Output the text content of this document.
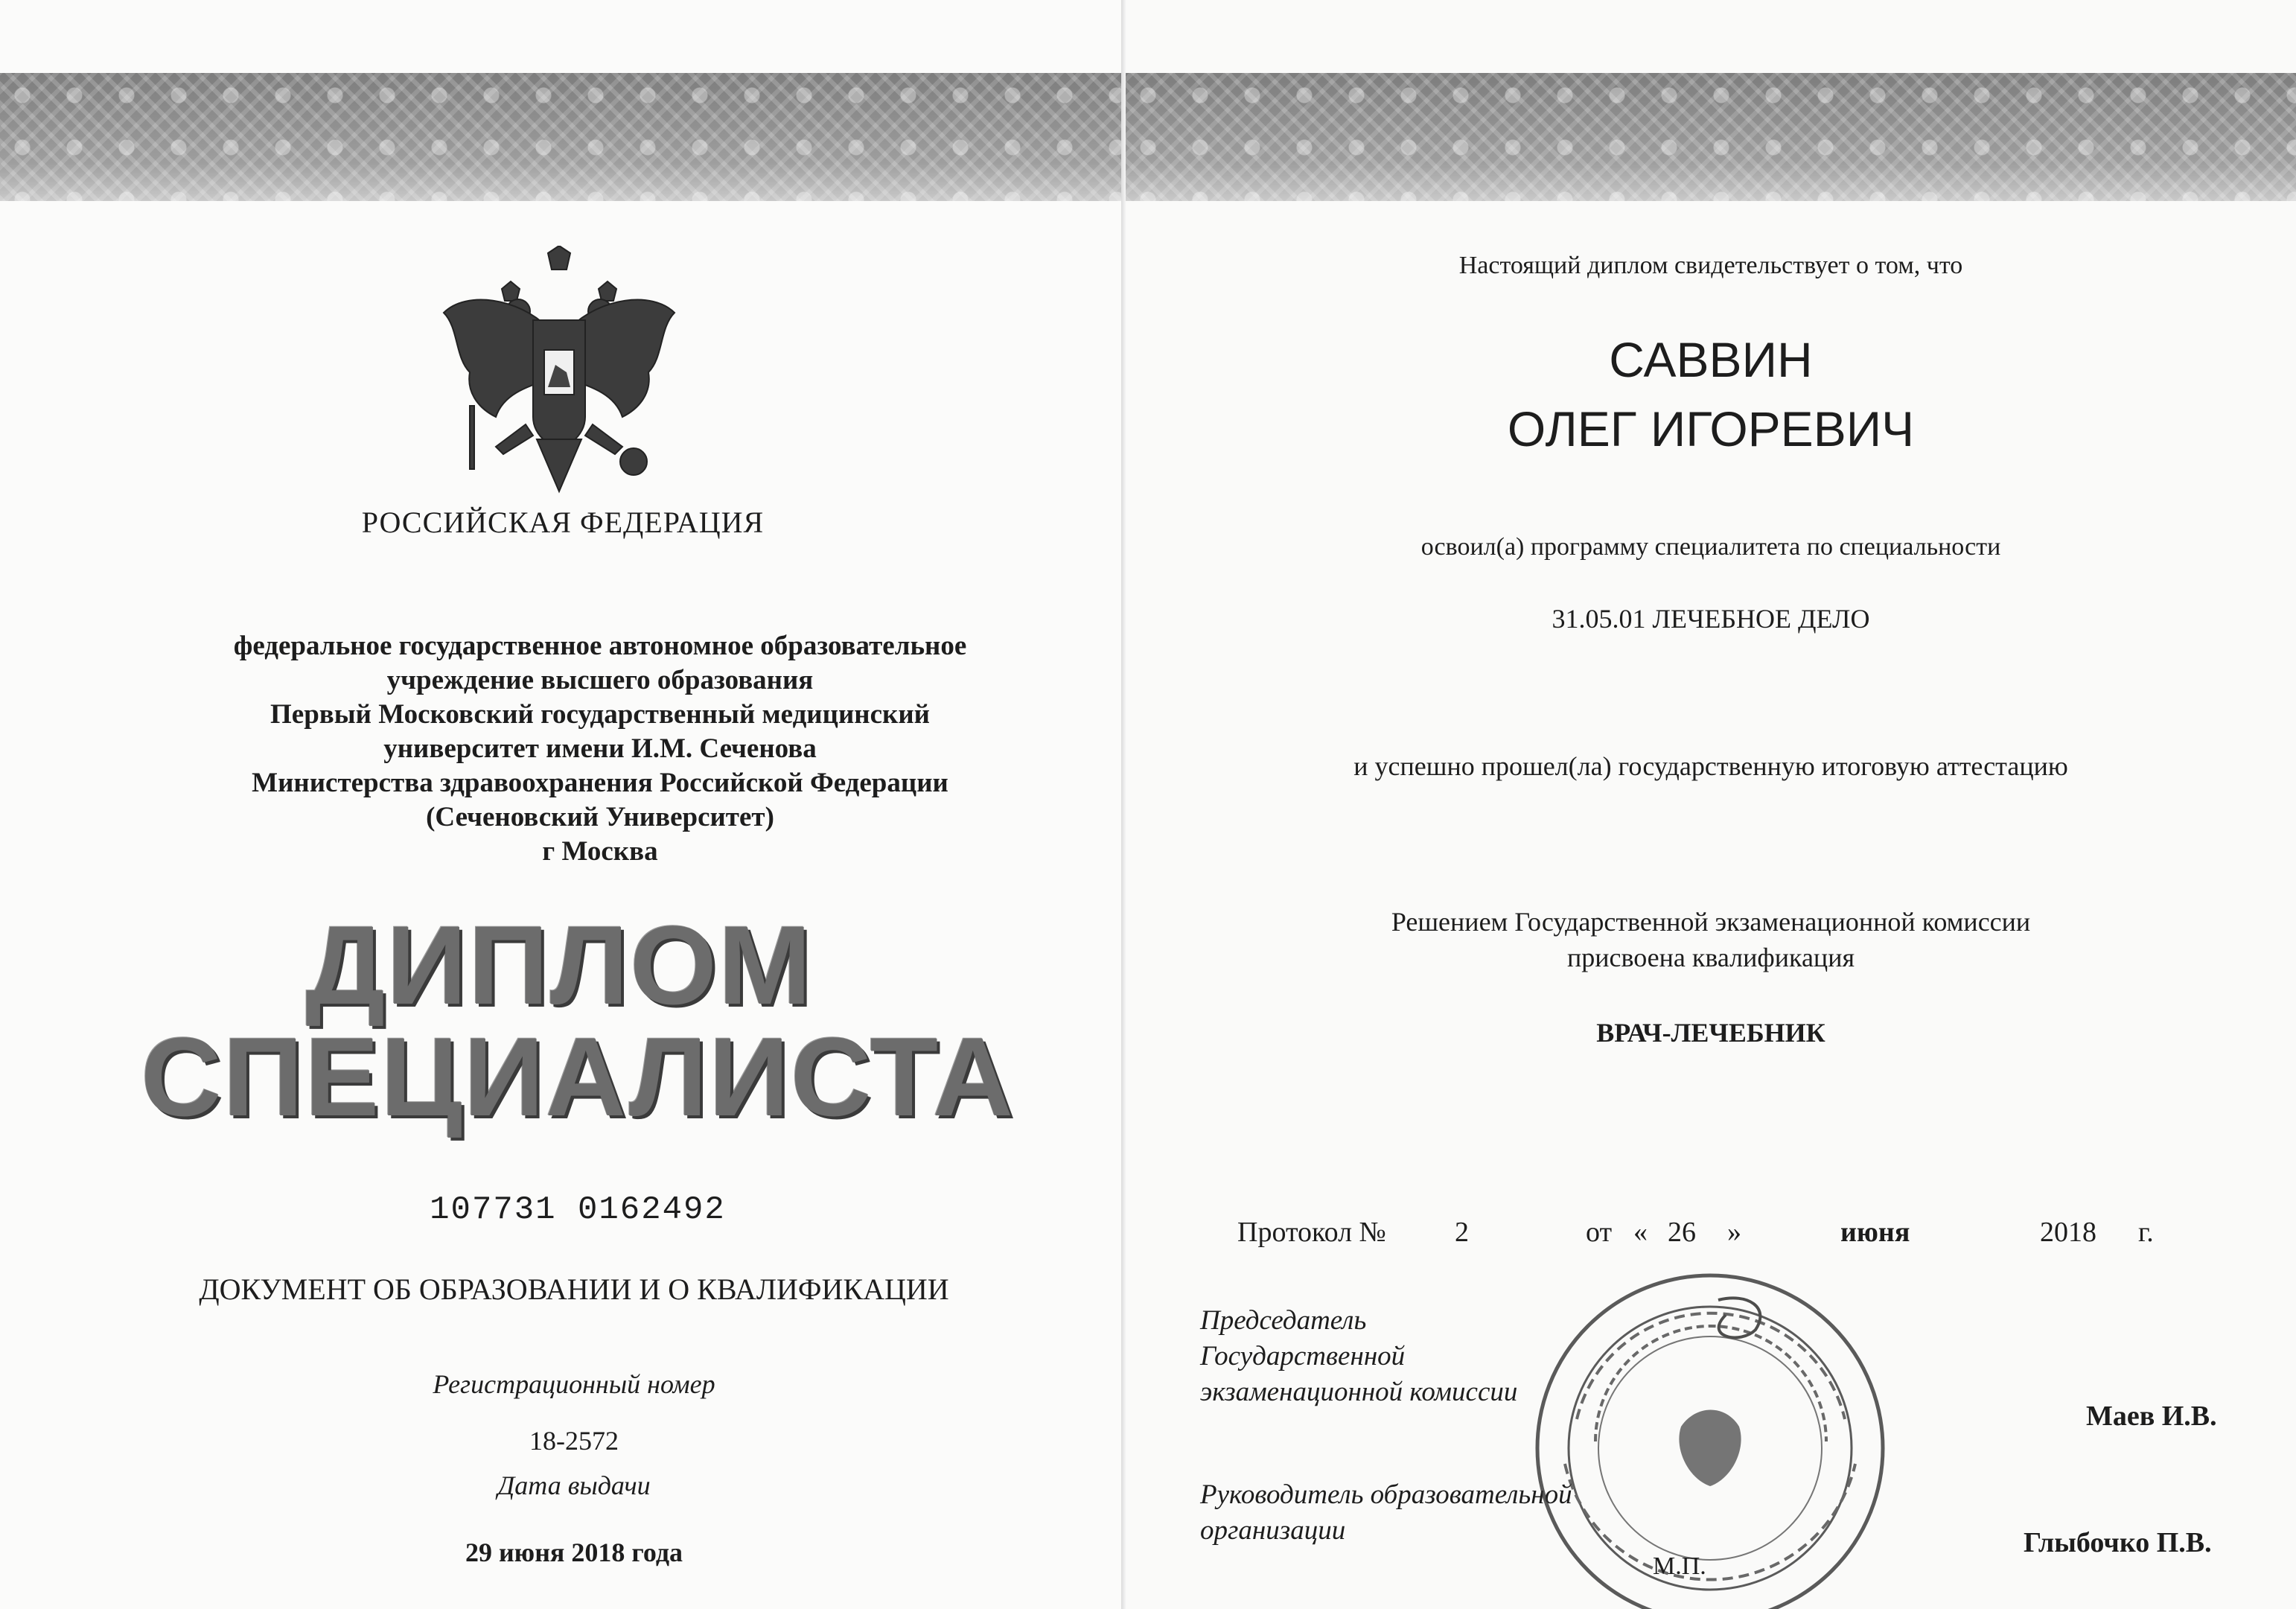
РОССИЙСКАЯ ФЕДЕРАЦИЯ
федеральное государственное автономное образовательное
учреждение высшего образования
Первый Московский государственный медицинский
университет имени И.М. Сеченова
Министерства здравоохранения Российской Федерации
(Сеченовский Университет)
г Москва
ДИПЛОМ
СПЕЦИАЛИСТА
107731 0162492
ДОКУМЕНТ ОБ ОБРАЗОВАНИИ И О КВАЛИФИКАЦИИ
Регистрационный номер
18-2572
Дата выдачи
29 июня 2018 года
Настоящий диплом свидетельствует о том, что
САВВИН
ОЛЕГ ИГОРЕВИЧ
освоил(а) программу специалитета по специальности
31.05.01 ЛЕЧЕБНОЕ ДЕЛО
и успешно прошел(ла) государственную итоговую аттестацию
Решением Государственной экзаменационной комиссии
присвоена квалификация
ВРАЧ-ЛЕЧЕБНИК
Протокол № 2	от « 26 »	июня	2018 г.
Председатель
Государственной
экзаменационной комиссии
Маев И.В.
Руководитель образовательной
организации	Глыбочко П.В.
М.П.
